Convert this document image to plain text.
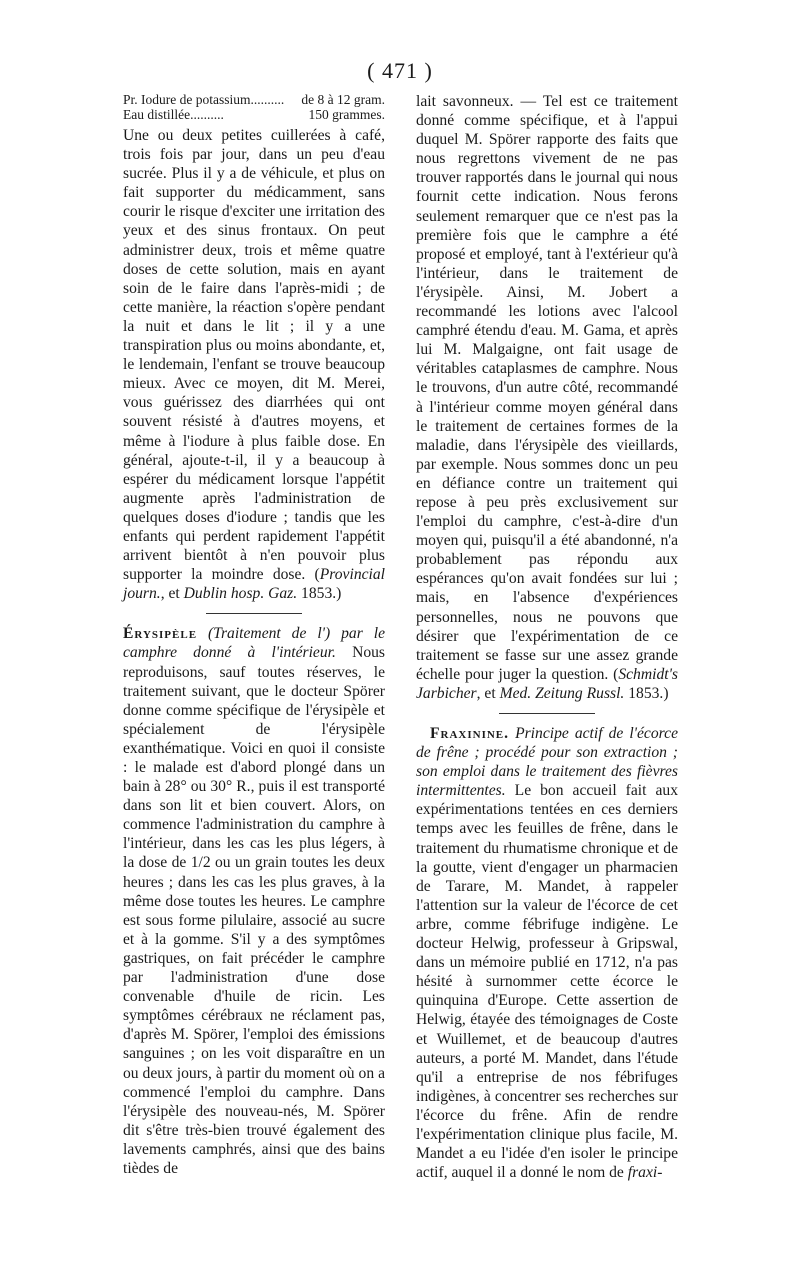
( 471 )
Pr. Iodure de potassium..........	de 8 à 12 gram.
Eau distillée..........	150 grammes.

Une ou deux petites cuillerées à café, trois fois par jour, dans un peu d'eau sucrée. Plus il y a de véhicule, et plus on fait supporter du médicamment, sans courir le risque d'exciter une irritation des yeux et des sinus frontaux. On peut administrer deux, trois et même quatre doses de cette solution, mais en ayant soin de le faire dans l'après-midi ; de cette manière, la réaction s'opère pendant la nuit et dans le lit ; il y a une transpiration plus ou moins abondante, et, le lendemain, l'enfant se trouve beaucoup mieux. Avec ce moyen, dit M. Merei, vous guérissez des diarrhées qui ont souvent résisté à d'autres moyens, et même à l'iodure à plus faible dose. En général, ajoute-t-il, il y a beaucoup à espérer du médicament lorsque l'appétit augmente après l'administration de quelques doses d'iodure ; tandis que les enfants qui perdent rapidement l'appétit arrivent bientôt à n'en pouvoir plus supporter la moindre dose. (Provincial journ., et Dublin hosp. Gaz. 1853.)

Érysipèle (Traitement de l') par le camphre donné à l'intérieur. Nous reproduisons, sauf toutes réserves, le traitement suivant, que le docteur Spörer donne comme spécifique de l'érysipèle et spécialement de l'érysipèle exanthématique. Voici en quoi il consiste : le malade est d'abord plongé dans un bain à 28° ou 30° R., puis il est transporté dans son lit et bien couvert. Alors, on commence l'administration du camphre à l'intérieur, dans les cas les plus légers, à la dose de 1/2 ou un grain toutes les deux heures ; dans les cas les plus graves, à la même dose toutes les heures. Le camphre est sous forme pilulaire, associé au sucre et à la gomme. S'il y a des symptômes gastriques, on fait précéder le camphre par l'administration d'une dose convenable d'huile de ricin. Les symptômes cérébraux ne réclament pas, d'après M. Spörer, l'emploi des émissions sanguines ; on les voit disparaître en un ou deux jours, à partir du moment où on a commencé l'emploi du camphre. Dans l'érysipèle des nouveau-nés, M. Spörer dit s'être très-bien trouvé également des lavements camphrés, ainsi que des bains tièdes de

lait savonneux. — Tel est ce traitement donné comme spécifique, et à l'appui duquel M. Spörer rapporte des faits que nous regrettons vivement de ne pas trouver rapportés dans le journal qui nous fournit cette indication. Nous ferons seulement remarquer que ce n'est pas la première fois que le camphre a été proposé et employé, tant à l'extérieur qu'à l'intérieur, dans le traitement de l'érysipèle. Ainsi, M. Jobert a recommandé les lotions avec l'alcool camphré étendu d'eau. M. Gama, et après lui M. Malgaigne, ont fait usage de véritables cataplasmes de camphre. Nous le trouvons, d'un autre côté, recommandé à l'intérieur comme moyen général dans le traitement de certaines formes de la maladie, dans l'érysipèle des vieillards, par exemple. Nous sommes donc un peu en défiance contre un traitement qui repose à peu près exclusivement sur l'emploi du camphre, c'est-à-dire d'un moyen qui, puisqu'il a été abandonné, n'a probablement pas répondu aux espérances qu'on avait fondées sur lui ; mais, en l'absence d'expériences personnelles, nous ne pouvons que désirer que l'expérimentation de ce traitement se fasse sur une assez grande échelle pour juger la question. (Schmidt's Jarbicher, et Med. Zeitung Russl. 1853.)

Fraxinine. Principe actif de l'écorce de frêne ; procédé pour son extraction ; son emploi dans le traitement des fièvres intermittentes. Le bon accueil fait aux expérimentations tentées en ces derniers temps avec les feuilles de frêne, dans le traitement du rhumatisme chronique et de la goutte, vient d'engager un pharmacien de Tarare, M. Mandet, à rappeler l'attention sur la valeur de l'écorce de cet arbre, comme fébrifuge indigène. Le docteur Helwig, professeur à Gripswal, dans un mémoire publié en 1712, n'a pas hésité à surnommer cette écorce le quinquina d'Europe. Cette assertion de Helwig, étayée des témoignages de Coste et Wuillemet, et de beaucoup d'autres auteurs, a porté M. Mandet, dans l'étude qu'il a entreprise de nos fébrifuges indigènes, à concentrer ses recherches sur l'écorce du frêne. Afin de rendre l'expérimentation clinique plus facile, M. Mandet a eu l'idée d'en isoler le principe actif, auquel il a donné le nom de fraxi-
